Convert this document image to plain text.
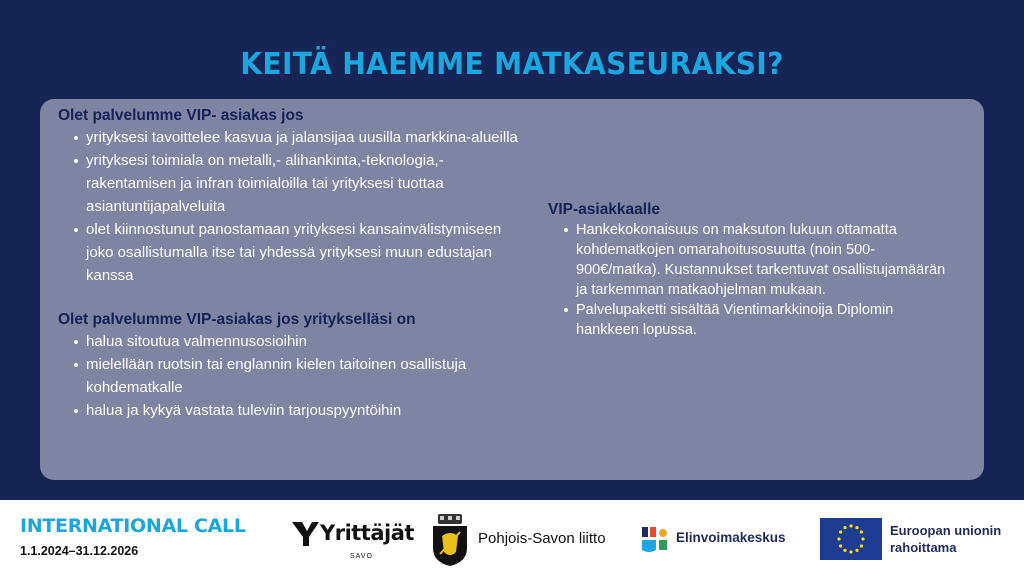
KEITÄ HAEMME MATKASEURAKSI?
Olet palvelumme VIP- asiakas jos
yrityksesi tavoittelee kasvua ja jalansijaa uusilla markkina-alueilla
yrityksesi toimiala on metalli,- alihankinta,-teknologia,- rakentamisen ja infran toimialoilla tai yrityksesi tuottaa asiantuntijapalveluita
olet kiinnostunut panostamaan yrityksesi kansainvälistymiseen joko osallistumalla itse tai yhdessä yrityksesi muun edustajan kanssa
Olet palvelumme VIP-asiakas jos yritykselläsi on
halua sitoutua valmennusosioihin
mielellään ruotsin tai englannin kielen taitoinen osallistuja kohdematkalle
halua ja kykyä vastata tuleviin tarjouspyyntöihin
VIP-asiakkaalle
Hankekokonaisuus on maksuton lukuun ottamatta kohdematkojen omarahoitusosuutta (noin 500-900€/matka). Kustannukset tarkentuvat osallistujamäärän ja tarkemman matkaohjelman mukaan.
Palvelupaketti sisältää Vientimarkkinoija Diplomin hankkeen lopussa.
INTERNATIONAL CALL
1.1.2024–31.12.2026
Yrittäjät
SAVO
Pohjois-Savon liitto	Elinvoimakeskus	Euroopan unionin
rahoittama
